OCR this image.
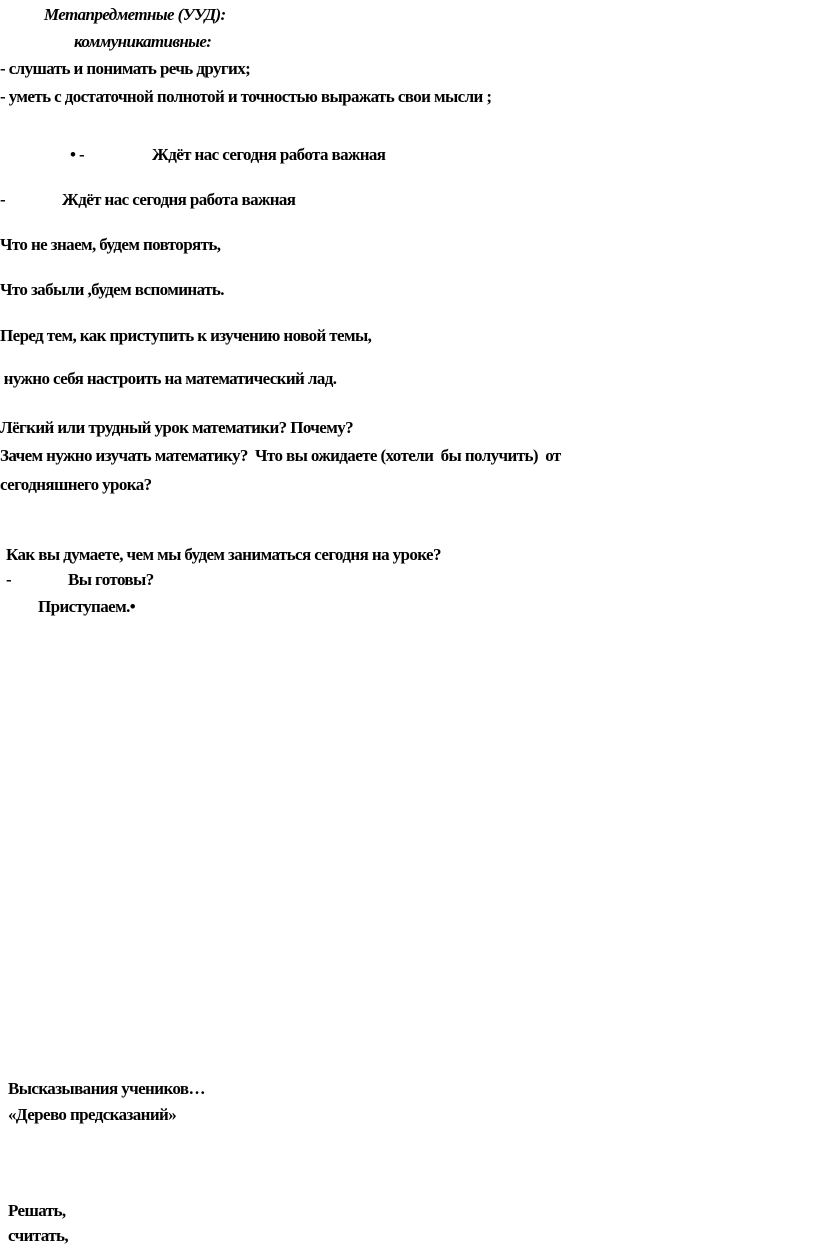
Метапредметные (УУД):
коммуникативные:
- слушать и понимать речь других;
- уметь с достаточной полнотой и точностью выражать свои мысли ;
• -	Ждёт нас сегодня работа важная
-	Ждёт нас сегодня работа важная
Что не знаем, будем повторять,
Что забыли ,будем вспоминать.
Перед тем, как приступить к изучению новой темы,
нужно себя настроить на математический лад.
Лёгкий или трудный урок математики? Почему?
Зачем нужно изучать математику?  Что вы ожидаете (хотели  бы получить)  от
сегодняшнего урока?
Как вы думаете, чем мы будем заниматься сегодня на уроке?
-	Вы готовы?
Приступаем.•
Высказывания учеников…
«Дерево предсказаний»
Решать,
считать,
